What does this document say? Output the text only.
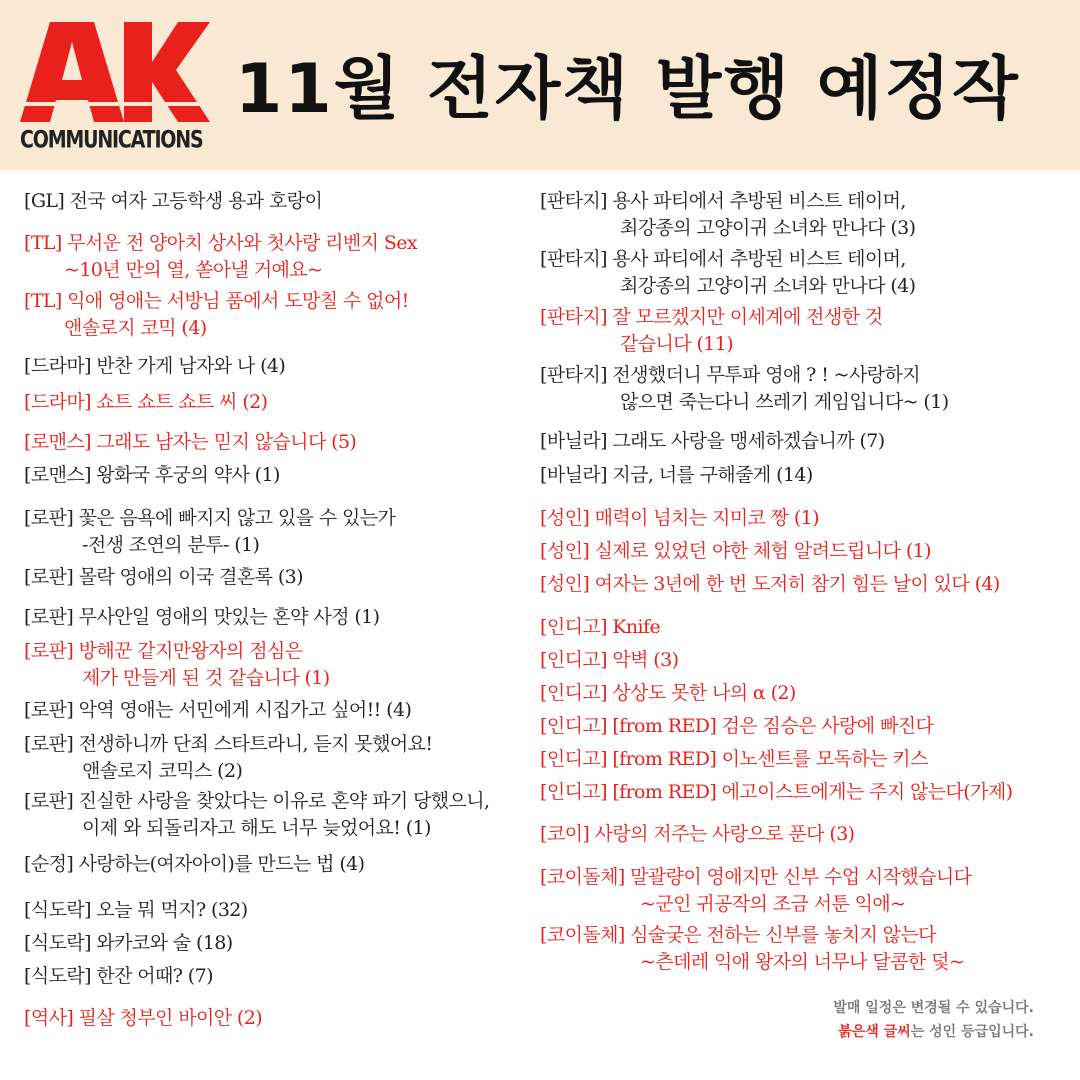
COMMUNICATIONS
11월 전자책 발행 예정작
[GL] 전국 여자 고등학생 용과 호랑이
[TL] 무서운 전 양아치 상사와 첫사랑 리벤지 Sex
~10년 만의 열, 쏟아낼 거예요~
[TL] 익애 영애는 서방님 품에서 도망칠 수 없어!
앤솔로지 코믹 (4)
[드라마] 반찬 가게 남자와 나 (4)
[드라마] 쇼트 쇼트 쇼트 씨 (2)
[로맨스] 그래도 남자는 믿지 않습니다 (5)
[로맨스] 왕화국 후궁의 약사 (1)
[로판] 꽃은 음욕에 빠지지 않고 있을 수 있는가
-전생 조연의 분투- (1)
[로판] 몰락 영애의 이국 결혼록 (3)
[로판] 무사안일 영애의 맛있는 혼약 사정 (1)
[로판] 방해꾼 같지만왕자의 점심은
제가 만들게 된 것 같습니다 (1)
[로판] 악역 영애는 서민에게 시집가고 싶어!! (4)
[로판] 전생하니까 단죄 스타트라니, 듣지 못했어요!
앤솔로지 코믹스 (2)
[로판] 진실한 사랑을 찾았다는 이유로 혼약 파기 당했으니,
이제 와 되돌리자고 해도 너무 늦었어요! (1)
[순정] 사랑하는(여자아이)를 만드는 법 (4)
[식도락] 오늘 뭐 먹지? (32)
[식도락] 와카코와 술 (18)
[식도락] 한잔 어때? (7)
[역사] 필살 청부인 바이안 (2)
[판타지] 용사 파티에서 추방된 비스트 테이머,
최강종의 고양이귀 소녀와 만나다 (3)
[판타지] 용사 파티에서 추방된 비스트 테이머,
최강종의 고양이귀 소녀와 만나다 (4)
[판타지] 잘 모르겠지만 이세계에 전생한 것
같습니다 (11)
[판타지] 전생했더니 무투파 영애 ? ! ~사랑하지
않으면 죽는다니 쓰레기 게임입니다~ (1)
[바닐라] 그래도 사랑을 맹세하겠습니까 (7)
[바닐라] 지금, 너를 구해줄게 (14)
[성인] 매력이 넘치는 지미코 짱 (1)
[성인] 실제로 있었던 야한 체험 알려드립니다 (1)
[성인] 여자는 3년에 한 번 도저히 참기 힘든 날이 있다 (4)
[인디고] Knife
[인디고] 악벽 (3)
[인디고] 상상도 못한 나의 α (2)
[인디고] [from RED] 검은 짐승은 사랑에 빠진다
[인디고] [from RED] 이노센트를 모독하는 키스
[인디고] [from RED] 에고이스트에게는 주지 않는다(가제)
[코이] 사랑의 저주는 사랑으로 푼다 (3)
[코이돌체] 말괄량이 영애지만 신부 수업 시작했습니다
~군인 귀공작의 조금 서툰 익애~
[코이돌체] 심술궂은 전하는 신부를 놓치지 않는다
~츤데레 익애 왕자의 너무나 달콤한 덫~
발매 일정은 변경될 수 있습니다.
붉은색 글씨는 성인 등급입니다.
